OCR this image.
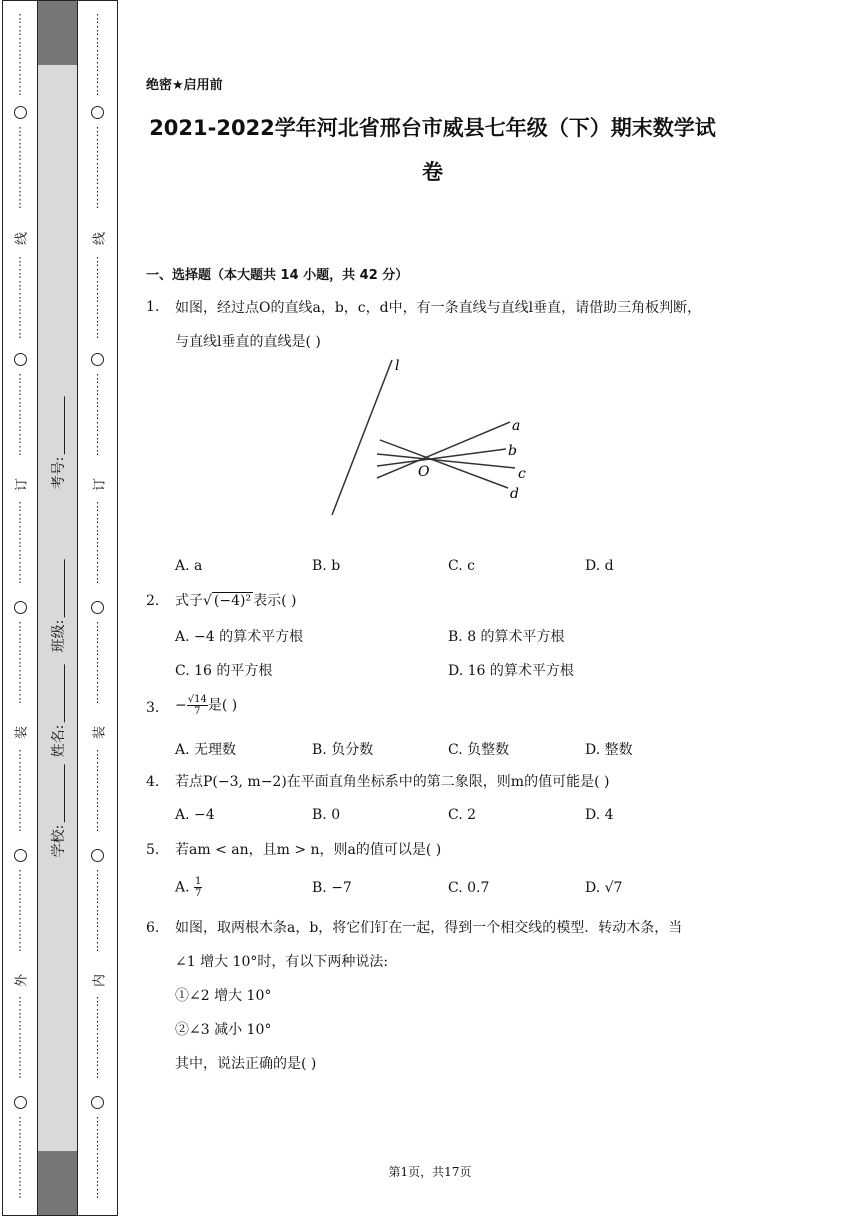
⋮
⋮
⋮
⋮
⋮
⋮
⋮
⋮
⋮
⋮
⋮
⋮
⋮
⋮
线
⋮
⋮
⋮
⋮
⋮
⋮
⋮
⋮
⋮
⋮
⋮
⋮
⋮
⋮
订
⋮
⋮
⋮
⋮
⋮
⋮
⋮
⋮
⋮
⋮
⋮
⋮
⋮
⋮
装
⋮
⋮
⋮
⋮
⋮
⋮
⋮
⋮
⋮
⋮
⋮
⋮
⋮
⋮
外
⋮
⋮
⋮
⋮
⋮
⋮
⋮
⋮
⋮
⋮
⋮
⋮
⋮
⋮
考号:
班级:
姓名:
学校:
⋮
⋮
⋮
⋮
⋮
⋮
⋮
⋮
⋮
⋮
⋮
⋮
⋮
⋮
线
⋮
⋮
⋮
⋮
⋮
⋮
⋮
⋮
⋮
⋮
⋮
⋮
⋮
⋮
订
⋮
⋮
⋮
⋮
⋮
⋮
⋮
⋮
⋮
⋮
⋮
⋮
⋮
⋮
装
⋮
⋮
⋮
⋮
⋮
⋮
⋮
⋮
⋮
⋮
⋮
⋮
⋮
⋮
内
⋮
⋮
⋮
⋮
⋮
⋮
⋮
⋮
⋮
⋮
⋮
⋮
⋮
⋮
绝密★启用前
2021-2022学年河北省邢台市威县七年级（下）期末数学试卷
一、选择题（本大题共 14 小题，共 42 分）
1. 如图，经过点O的直线a，b，c，d中，有一条直线与直线l垂直，请借助三角板判断，
与直线l垂直的直线是( )
l
a
b
c
d
O
A. a	B. b	C. c	D. d
2. 式子√ (−4)² 表示( )
A. −4 的算术平方根	B. 8 的算术平方根
C. 16 的平方根	D. 16 的算术平方根
3. − $\frac{√14}{7}$是( )
A. 无理数	B. 负分数	C. 负整数	D. 整数
4. 若点P(−3, m−2)在平面直角坐标系中的第二象限，则m的值可能是( )
A. −4	B. 0	C. 2	D. 4
5. 若am < an，且m > n，则a的值可以是( )
A. $\frac{1}{7}$	B. −7	C. 0.7	D. √7
6. 如图，取两根木条a，b，将它们钉在一起，得到一个相交线的模型．转动木条，当
∠1 增大 10°时，有以下两种说法:
①∠2 增大 10°
②∠3 减小 10°
其中，说法正确的是( )
第1页，共17页
